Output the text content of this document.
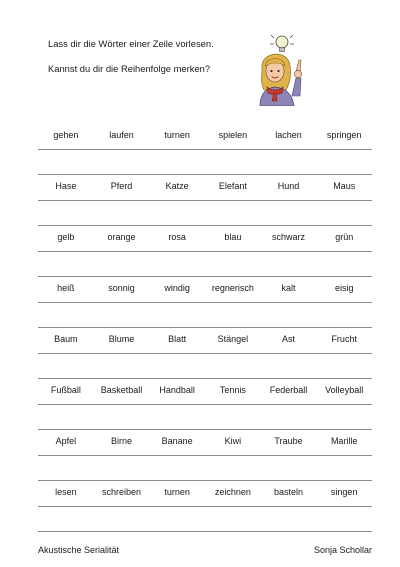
Lass dir die Wörter einer Zeile vorlesen.
Kannst du dir die Reihenfolge merken?
gehen	laufen	turnen	spielen	lachen	springen
Hase	Pferd	Katze	Elefant	Hund	Maus
gelb	orange	rosa	blau	schwarz	grün
heiß	sonnig	windig	regnerisch	kalt	eisig
Baum	Blume	Blatt	Stängel	Ast	Frucht
Fußball	Basketball	Handball	Tennis	Federball	Volleyball
Apfel	Birne	Banane	Kiwi	Traube	Marille
lesen	schreiben	turnen	zeichnen	basteln	singen
Akustische Serialität	Sonja Schollar
